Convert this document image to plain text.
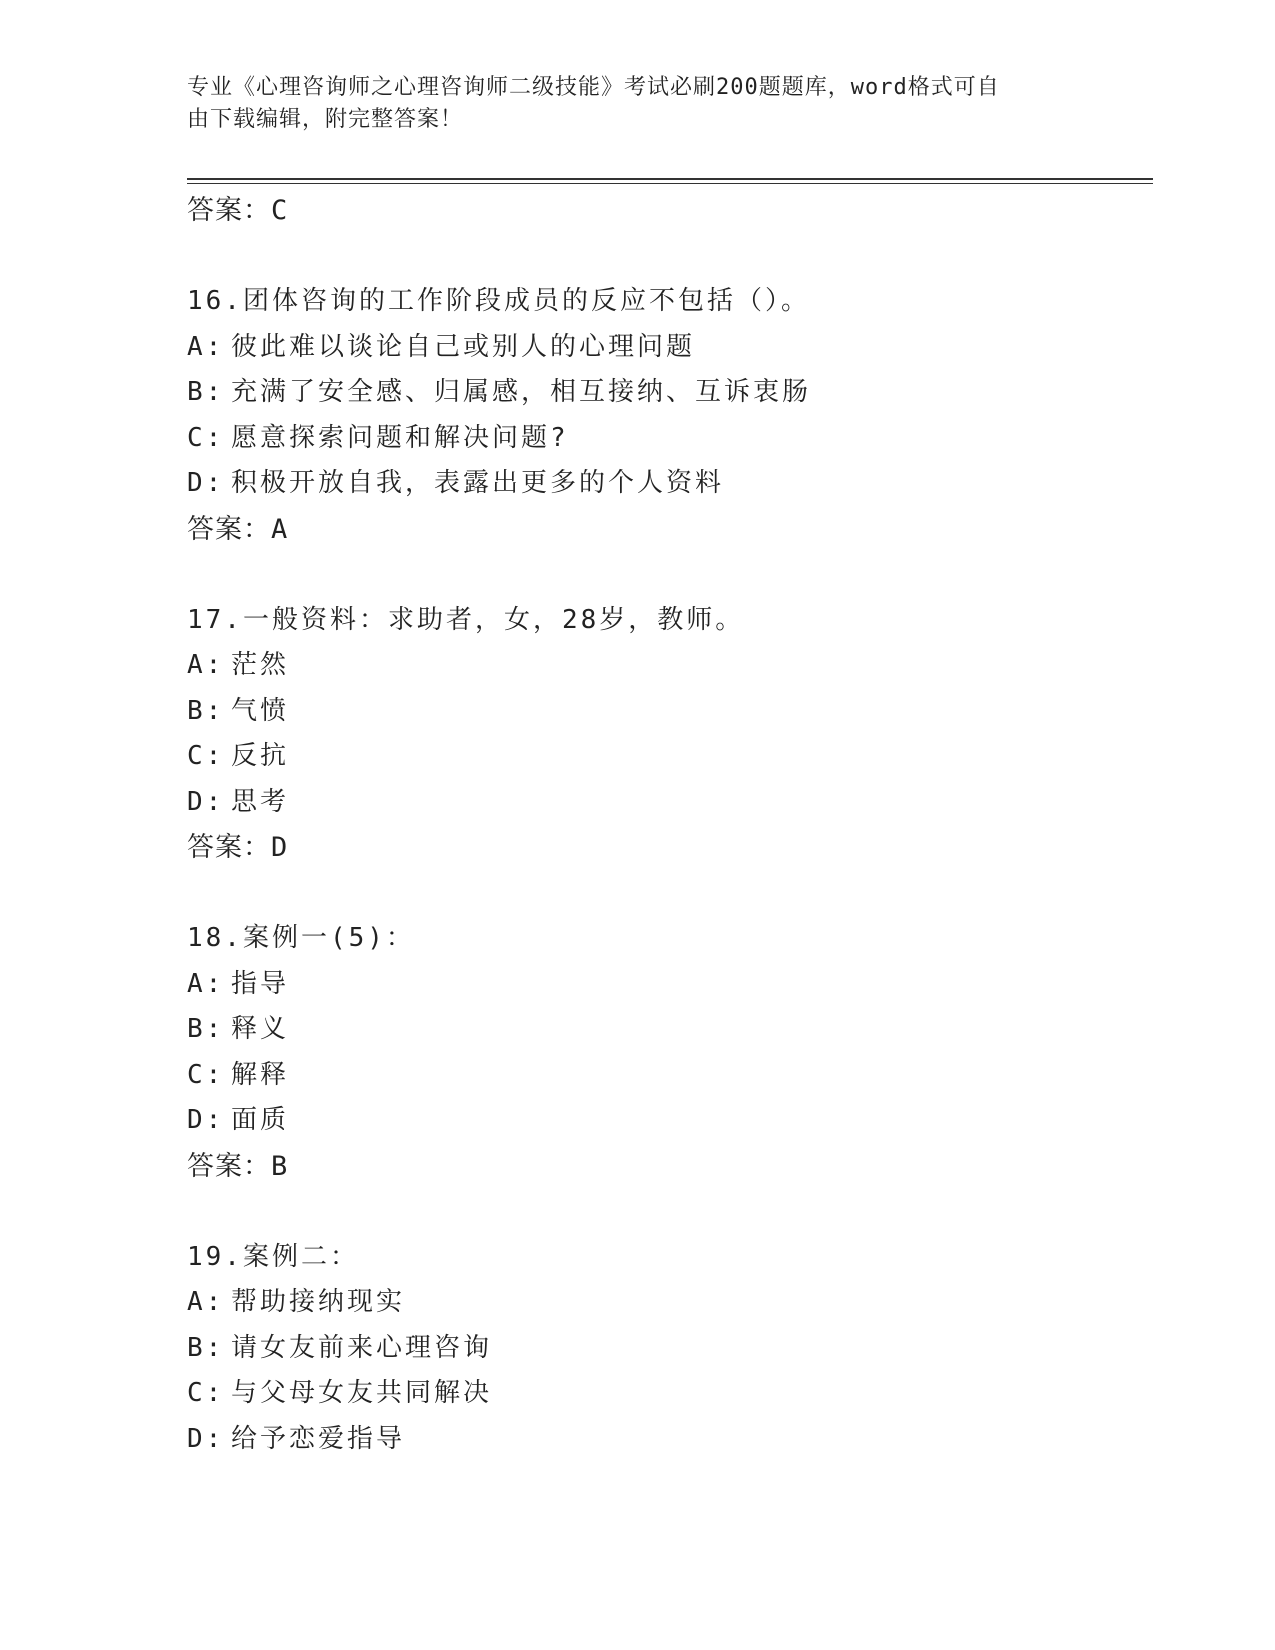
专业《心理咨询师之心理咨询师二级技能》考试必刷200题题库，word格式可自
由下载编辑，附完整答案！
答案：C
16.团体咨询的工作阶段成员的反应不包括（）。
A: 彼此难以谈论自己或别人的心理问题
B: 充满了安全感、归属感，相互接纳、互诉衷肠
C: 愿意探索问题和解决问题?
D: 积极开放自我，表露出更多的个人资料
答案：A
17.一般资料：求助者，女，28岁，教师。
A: 茫然
B: 气愤
C: 反抗
D: 思考
答案：D
18.案例一(5)：
A: 指导
B: 释义
C: 解释
D: 面质
答案：B
19.案例二：
A: 帮助接纳现实
B: 请女友前来心理咨询
C: 与父母女友共同解决
D: 给予恋爱指导
